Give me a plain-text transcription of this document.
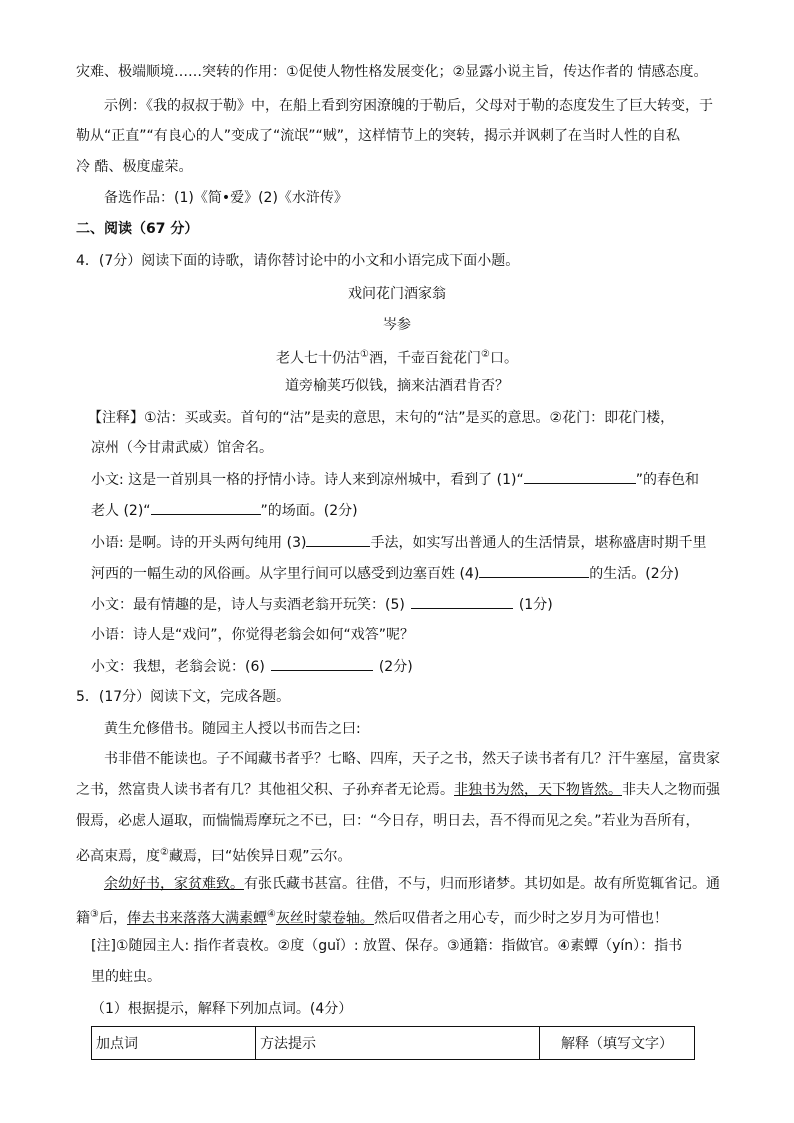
灾难、极端顺境……突转的作用：①促使人物性格发展变化；②显露小说主旨，传达作者的 情感态度。
示例：《我的叔叔于勒》中，在船上看到穷困潦魄的于勒后，父母对于勒的态度发生了巨大转变，于
勒从“正直”“有良心的人”变成了“流氓”“贼”，这样情节上的突转，揭示并讽刺了在当时人性的自私
冷 酷、极度虚荣。
备选作品：(1)《简•爱》(2)《水浒传》
二、阅读（67 分）
4．(7分）阅读下面的诗歌，请你替讨论中的小文和小语完成下面小题。
戏问花门酒家翁
岑参
老人七十仍沽①酒，千壶百瓮花门②口。
道旁榆荚巧似钱，摘来沽酒君肯否？
【注释】①沽：买或卖。首句的“沽”是卖的意思，末句的“沽”是买的意思。②花门：即花门楼，
凉州（今甘肃武威）馆舍名。
小文: 这是一首别具一格的抒情小诗。诗人来到凉州城中，看到了 (1)“	”的春色和
老人 (2)“	”的场面。(2分)
小语: 是啊。诗的开头两句纯用 (3)	手法，如实写出普通人的生活情景，堪称盛唐时期千里
河西的一幅生动的风俗画。从字里行间可以感受到边塞百姓 (4)	的生活。(2分)
小文：最有情趣的是，诗人与卖酒老翁开玩笑：(5)	(1分)
小语：诗人是“戏问”，你觉得老翁会如何“戏答”呢？
小文：我想，老翁会说：(6)	(2分)
5．(17分）阅读下文，完成各题。
黄生允修借书。随园主人授以书而告之曰:
书非借不能读也。子不闻藏书者乎？七略、四库，天子之书，然天子读书者有几？汗牛塞屋，富贵家
之书，然富贵人读书者有几？其他祖父积、子孙弃者无论焉。非独书为然，天下物皆然。非夫人之物而强
假焉，必虑人逼取，而惴惴焉摩玩之不已，曰：“今日存，明日去，吾不得而见之矣。”若业为吾所有，
必高束焉，度②藏焉，曰“姑俟异日观”云尔。
余幼好书，家贫难致。有张氏藏书甚富。往借，不与，归而形诸梦。其切如是。故有所览辄省记。通
籍③后，俸去书来落落大满素蟫④灰丝时蒙卷轴。然后叹借者之用心专，而少时之岁月为可惜也！
[注]①随园主人: 指作者袁枚。②度（guǐ）: 放置、保存。③通籍：指做官。④素蟫（yín）：指书
里的蛀虫。
（1）根据提示，解释下列加点词。(4分）
加点词	方法提示	解释（填写文字）
